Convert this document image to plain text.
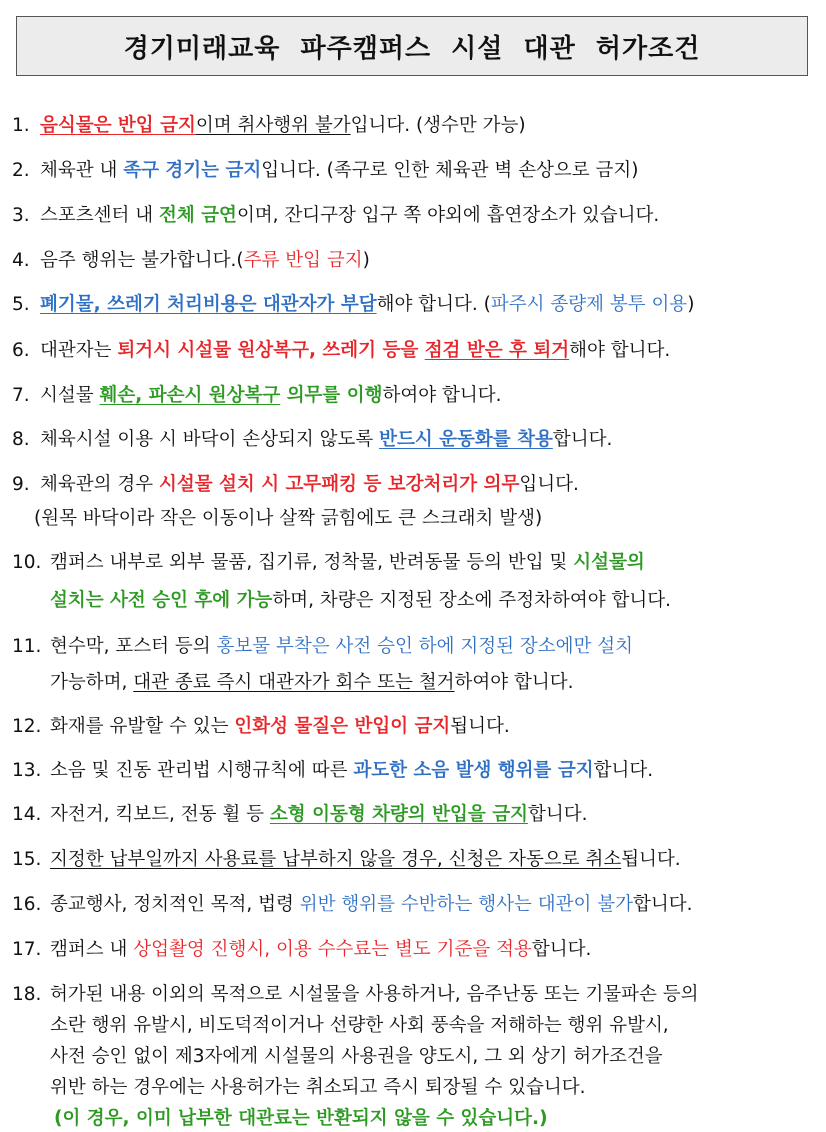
경기미래교육  파주캠퍼스  시설  대관  허가조건
1. 음식물은 반입 금지이며 취사행위 불가입니다. (생수만 가능)
2. 체육관 내 족구 경기는 금지입니다. (족구로 인한 체육관 벽 손상으로 금지)
3. 스포츠센터 내 전체 금연이며, 잔디구장 입구 쪽 야외에 흡연장소가 있습니다.
4. 음주 행위는 불가합니다.(주류 반입 금지)
5. 폐기물, 쓰레기 처리비용은 대관자가 부담해야 합니다. (파주시 종량제 봉투 이용)
6. 대관자는 퇴거시 시설물 원상복구, 쓰레기 등을 점검 받은 후 퇴거해야 합니다.
7. 시설물 훼손, 파손시 원상복구 의무를 이행하여야 합니다.
8. 체육시설 이용 시 바닥이 손상되지 않도록 반드시 운동화를 착용합니다.
9. 체육관의 경우 시설물 설치 시 고무패킹 등 보강처리가 의무입니다.
(원목 바닥이라 작은 이동이나 살짝 긁힘에도 큰 스크래치 발생)
10. 캠퍼스 내부로 외부 물품, 집기류, 정착물, 반려동물 등의 반입 및 시설물의
설치는 사전 승인 후에 가능하며, 차량은 지정된 장소에 주정차하여야 합니다.
11. 현수막, 포스터 등의 홍보물 부착은 사전 승인 하에 지정된 장소에만 설치
가능하며, 대관 종료 즉시 대관자가 회수 또는 철거하여야 합니다.
12. 화재를 유발할 수 있는 인화성 물질은 반입이 금지됩니다.
13. 소음 및 진동 관리법 시행규칙에 따른 과도한 소음 발생 행위를 금지합니다.
14. 자전거, 킥보드, 전동 휠 등 소형 이동형 차량의 반입을 금지합니다.
15. 지정한 납부일까지 사용료를 납부하지 않을 경우, 신청은 자동으로 취소됩니다.
16. 종교행사, 정치적인 목적, 법령 위반 행위를 수반하는 행사는 대관이 불가합니다.
17. 캠퍼스 내 상업촬영 진행시, 이용 수수료는 별도 기준을 적용합니다.
18. 허가된 내용 이외의 목적으로 시설물을 사용하거나, 음주난동 또는 기물파손 등의
소란 행위 유발시, 비도덕적이거나 선량한 사회 풍속을 저해하는 행위 유발시,
사전 승인 없이 제3자에게 시설물의 사용권을 양도시, 그 외 상기 허가조건을
위반 하는 경우에는 사용허가는 취소되고 즉시 퇴장될 수 있습니다.
(이 경우, 이미 납부한 대관료는 반환되지 않을 수 있습니다.)
